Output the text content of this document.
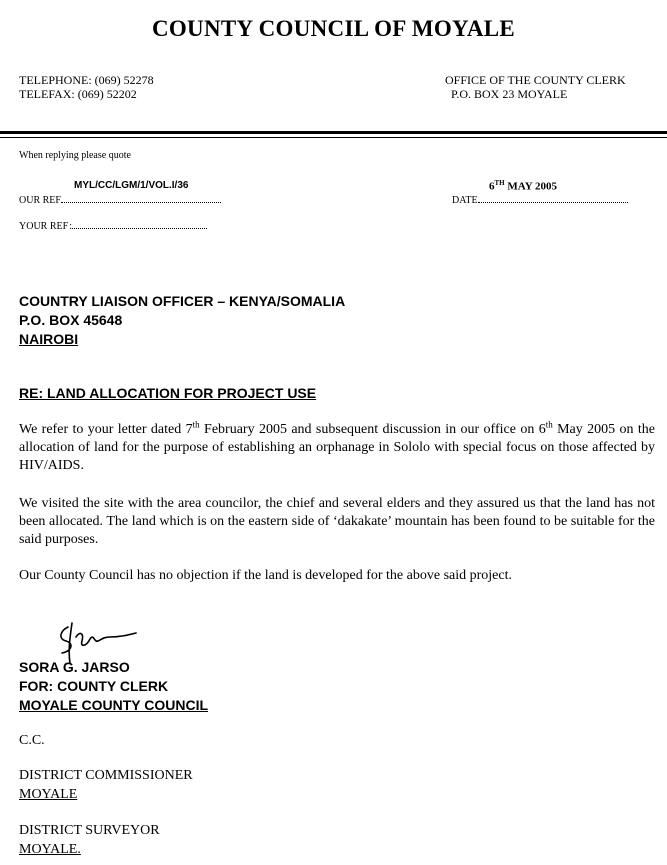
COUNTY COUNCIL OF MOYALE
TELEPHONE: (069) 52278
TELEFAX: (069) 52202
OFFICE OF THE COUNTY CLERK
P.O. BOX 23 MOYALE
When replying please quote
MYL/CC/LGM/1/VOL.I/36
OUR REF
6TH MAY 2005
DATE
YOUR REF:
COUNTRY LIAISON OFFICER – KENYA/SOMALIA
P.O. BOX 45648
NAIROBI
RE: LAND ALLOCATION FOR PROJECT USE
We refer to your letter dated 7th February 2005 and subsequent discussion in our office on 6th May 2005 on the allocation of land for the purpose of establishing an orphanage in Sololo with special focus on those affected by HIV/AIDS.
We visited the site with the area councilor, the chief and several elders and they assured us that the land has not been allocated. The land which is on the eastern side of ‘dakakate’ mountain has been found to be suitable for the said purposes.
Our County Council has no objection if the land is developed for the above said project.
SORA G. JARSO
FOR: COUNTY CLERK
MOYALE COUNTY COUNCIL
C.C.
DISTRICT COMMISSIONER
MOYALE
DISTRICT SURVEYOR
MOYALE.
